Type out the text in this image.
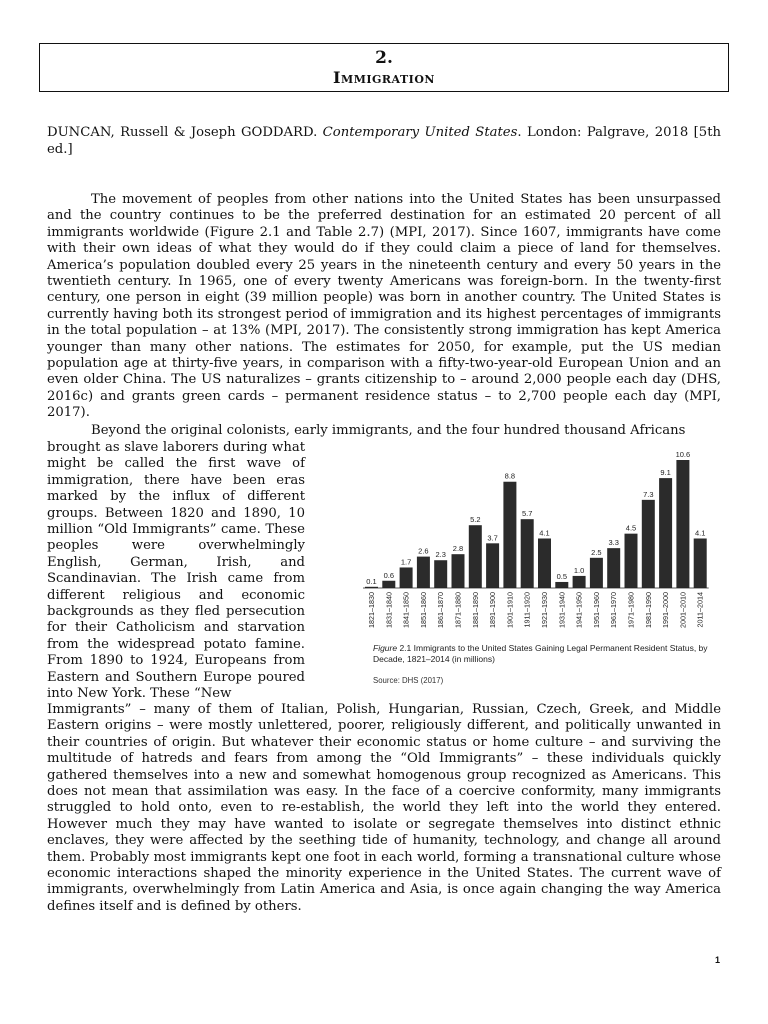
2.
Immigration
DUNCAN, Russell & Joseph GODDARD. Contemporary United States. London: Palgrave, 2018 [5th ed.]

The movement of peoples from other nations into the United States has been unsurpassed and the country continues to be the preferred destination for an estimated 20 percent of all immigrants worldwide (Figure 2.1 and Table 2.7) (MPI, 2017). Since 1607, immigrants have come with their own ideas of what they would do if they could claim a piece of land for themselves. America’s population doubled every 25 years in the nineteenth century and every 50 years in the twentieth century. In 1965, one of every twenty Americans was foreign-born. In the twenty-first century, one person in eight (39 million people) was born in another country. The United States is currently having both its strongest period of immigration and its highest percentages of immigrants in the total population – at 13% (MPI, 2017). The consistently strong immigration has kept America younger than many other nations. The estimates for 2050, for example, put the US median population age at thirty-five years, in comparison with a fifty-two-year-old European Union and an even older China. The US naturalizes – grants citizenship to – around 2,000 people each day (DHS, 2016c) and grants green cards – permanent residence status – to 2,700 people each day (MPI, 2017).

Beyond the original colonists, early immigrants, and the four hundred thousand Africans

brought as slave laborers during what might be called the first wave of immigration, there have been eras marked by the influx of different groups. Between 1820 and 1890, 10 million “Old Immigrants” came. These peoples were overwhelmingly English, German, Irish, and Scandinavian. The Irish came from different religious and economic backgrounds as they fled persecution for their Catholicism and starvation from the widespread potato famine. From 1890 to 1924, Europeans from Eastern and Southern Europe poured into New York. These “New

Immigrants” – many of them of Italian, Polish, Hungarian, Russian, Czech, Greek, and Middle Eastern origins – were mostly unlettered, poorer, religiously different, and politically unwanted in their countries of origin. But whatever their economic status or home culture – and surviving the multitude of hatreds and fears from among the “Old Immigrants” – these individuals quickly gathered themselves into a new and somewhat homogenous group recognized as Americans. This does not mean that assimilation was easy. In the face of a coercive conformity, many immigrants struggled to hold onto, even to re-establish, the world they left into the world they entered. However much they may have wanted to isolate or segregate themselves into distinct ethnic enclaves, they were affected by the seething tide of humanity, technology, and change all around them. Probably most immigrants kept one foot in each world, forming a transnational culture whose economic interactions shaped the minority experience in the United States. The current wave of immigrants, overwhelmingly from Latin America and Asia, is once again changing the way America defines itself and is defined by others.

0.1
1821–1830
0.6
1831–1840
1.7
1841–1850
2.6
1851–1860
2.3
1861–1870
2.8
1871–1880
5.2
1881–1890
3.7
1891–1900
8.8
1901–1910
5.7
1911–1920
4.1
1921–1930
0.5
1931–1940
1.0
1941–1950
2.5
1951–1960
3.3
1961–1970
4.5
1971–1980
7.3
1981–1990
9.1
1991–2000
10.6
2001–2010
4.1
2011–2014
Figure 2.1 Immigrants to the United States Gaining Legal Permanent Resident Status, by Decade, 1821–2014 (in millions)
Source: DHS (2017)
1
